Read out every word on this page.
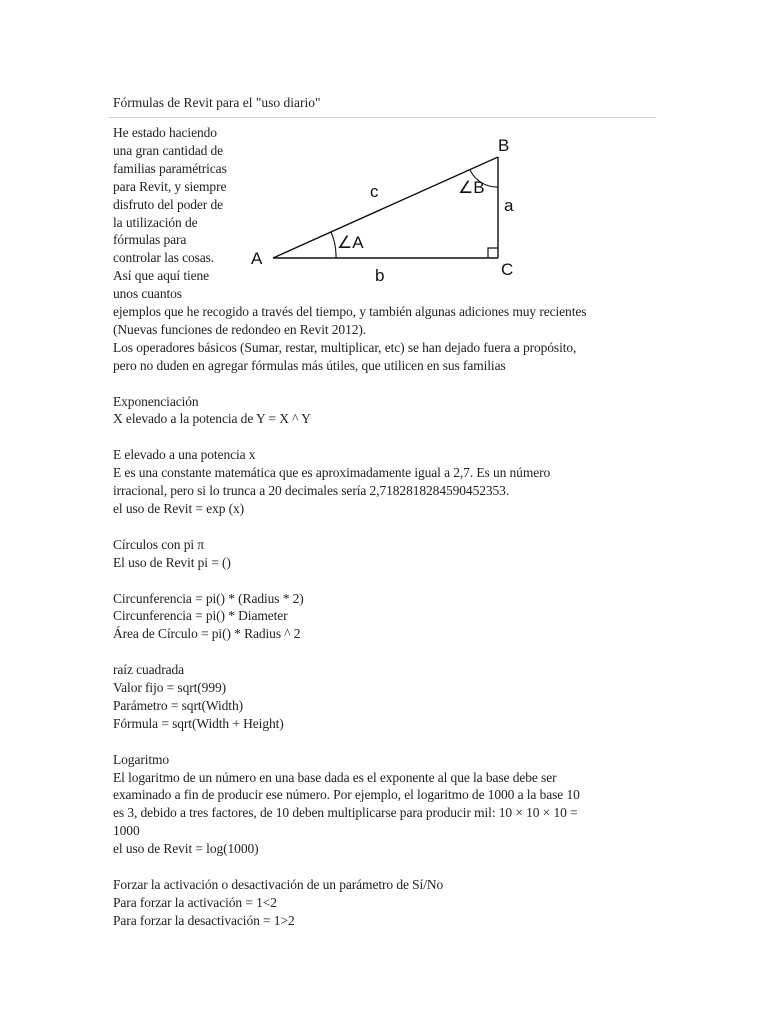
Fórmulas de Revit para el "uso diario"
He estado haciendo
una gran cantidad de
familias paramétricas
para Revit, y siempre
disfruto del poder de
la utilización de
fórmulas para
controlar las cosas.
Así que aquí tiene
unos cuantos
ejemplos que he recogido a través del tiempo, y también algunas adiciones muy recientes
(Nuevas funciones de redondeo en Revit 2012).
Los operadores básicos (Sumar, restar, multiplicar, etc) se han dejado fuera a propósito,
pero no duden en agregar fórmulas más útiles, que utilicen en sus familias
Exponenciación
X elevado a la potencia de Y = X ^ Y
E elevado a una potencia x
E es una constante matemática que es aproximadamente igual a 2,7. Es un número
irracional, pero si lo trunca a 20 decimales sería 2,7182818284590452353.
el uso de Revit = exp (x)
Círculos con pi π
El uso de Revit pi = ()
Circunferencia = pi() * (Radius * 2)
Circunferencia = pi() * Diameter
Área de Círculo = pi() * Radius ^ 2
raíz cuadrada
Valor fijo = sqrt(999)
Parámetro = sqrt(Width)
Fórmula = sqrt(Width + Height)
Logaritmo
El logaritmo de un número en una base dada es el exponente al que la base debe ser
examinado a fin de producir ese número. Por ejemplo, el logaritmo de 1000 a la base 10
es 3, debido a tres factores, de 10 deben multiplicarse para producir mil: 10 × 10 × 10 =
1000
el uso de Revit = log(1000)
Forzar la activación o desactivación de un parámetro de Sí/No
Para forzar la activación = 1<2
Para forzar la desactivación = 1>2
A
B
C
a
b
c
∠A
∠B
